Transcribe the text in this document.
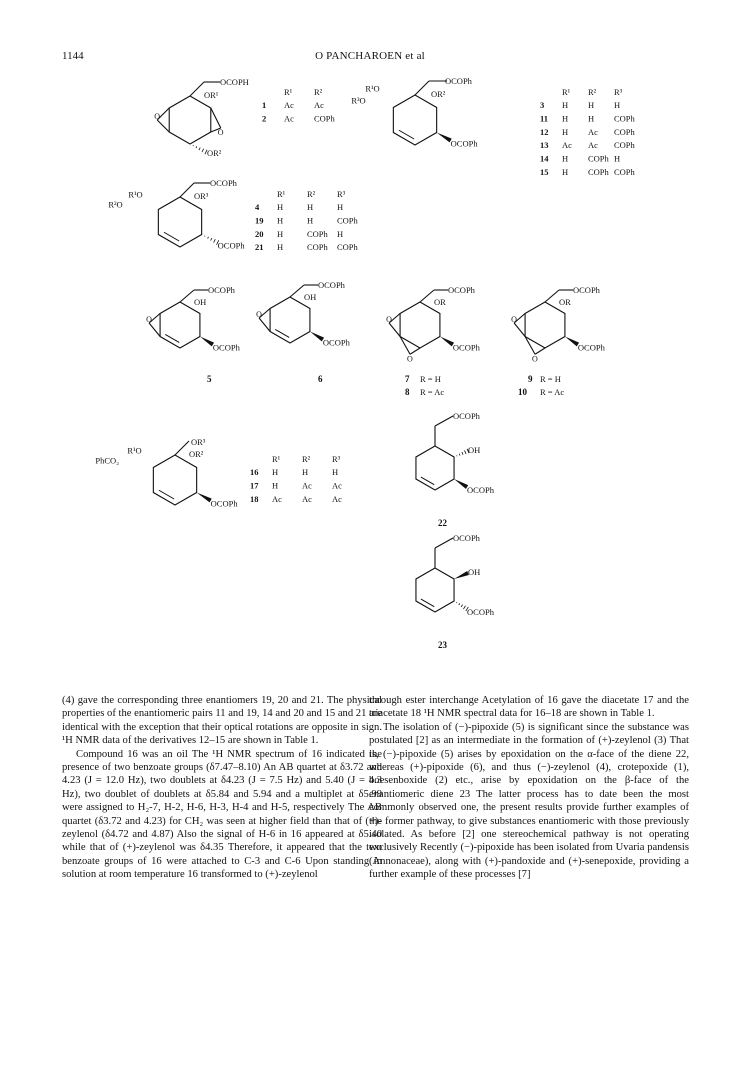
1144	O PANCHAROEN et al
O
O
OCOPH
OR¹
OR²
R¹	R²
1 Ac Ac
2 Ac COPh
OCOPh
OR²
R¹O
R³O
OCOPh
R¹ R² R³
3 H H H
11 H H COPh
12 H Ac COPh
13 Ac Ac COPh
14 H COPh H
15 H COPh COPh
OCOPh
OR³
R¹O
R²O
OCOPh
R¹	R²	R³
4 H	H	H
19 H	H	COPh
20 H	COPh H
21 H	COPh COPh
O
OCOPh
OH
OCOPh
O
OCOPh
OH
OCOPh
O
O
OCOPh
OR
OCOPh
O
O
OCOPh
OR
OCOPh
5	6	7 R = H
8 R = Ac
9 R = H
10 R = Ac
OR³
OR²
R¹O
PhCO₂
OCOPh
R¹	R²	R³
16 H	H	H
17 H	Ac Ac
18 Ac Ac Ac
OCOPh
OH
OCOPh
22
OCOPh
OH
OCOPh
23

(4) gave the corresponding three enantiomers 19, 20 and 21. The physical properties of the enantiomeric pairs 11 and 19, 14 and 20 and 15 and 21 are identical with the exception that their optical rotations are opposite in sign. ¹H NMR data of the derivatives 12–15 are shown in Table 1.

Compound 16 was an oil The ¹H NMR spectrum of 16 indicated the presence of two benzoate groups (δ7.47–8.10) An AB quartet at δ3.72 and 4.23 (J = 12.0 Hz), two doublets at δ4.23 (J = 7.5 Hz) and 5.40 (J = 4.3 Hz), two doublet of doublets at δ5.84 and 5.94 and a multiplet at δ5.99 were assigned to H₂-7, H-2, H-6, H-3, H-4 and H-5, respectively The AB quartet (δ3.72 and 4.23) for CH₂ was seen at higher field than that of (+)-zeylenol (δ4.72 and 4.87) Also the signal of H-6 in 16 appeared at δ5.40 while that of (+)-zeylenol was δ4.35 Therefore, it appeared that the two benzoate groups of 16 were attached to C-3 and C-6 Upon standing in solution at room temperature 16 transformed to (+)-zeylenol

through ester interchange Acetylation of 16 gave the diacetate 17 and the triacetate 18 ¹H NMR spectral data for 16–18 are shown in Table 1.

The isolation of (−)-pipoxide (5) is significant since the substance was postulated [2] as an intermediate in the formation of (+)-zeylenol (3) That is, (−)-pipoxide (5) arises by epoxidation on the α-face of the diene 22, whereas (+)-pipoxide (6), and thus (−)-zeylenol (4), crotepoxide (1), boesenboxide (2) etc., arise by epoxidation on the β-face of the enantiomeric diene 23 The latter process has to date been the most commonly observed one, the present results provide further examples of the former pathway, to give substances enantiomeric with those previously isolated. As before [2] one stereochemical pathway is not operating exclusively Recently (−)-pipoxide has been isolated from Uvaria pandensis (Annonaceae), along with (+)-pandoxide and (+)-senepoxide, providing a further example of these processes [7]
